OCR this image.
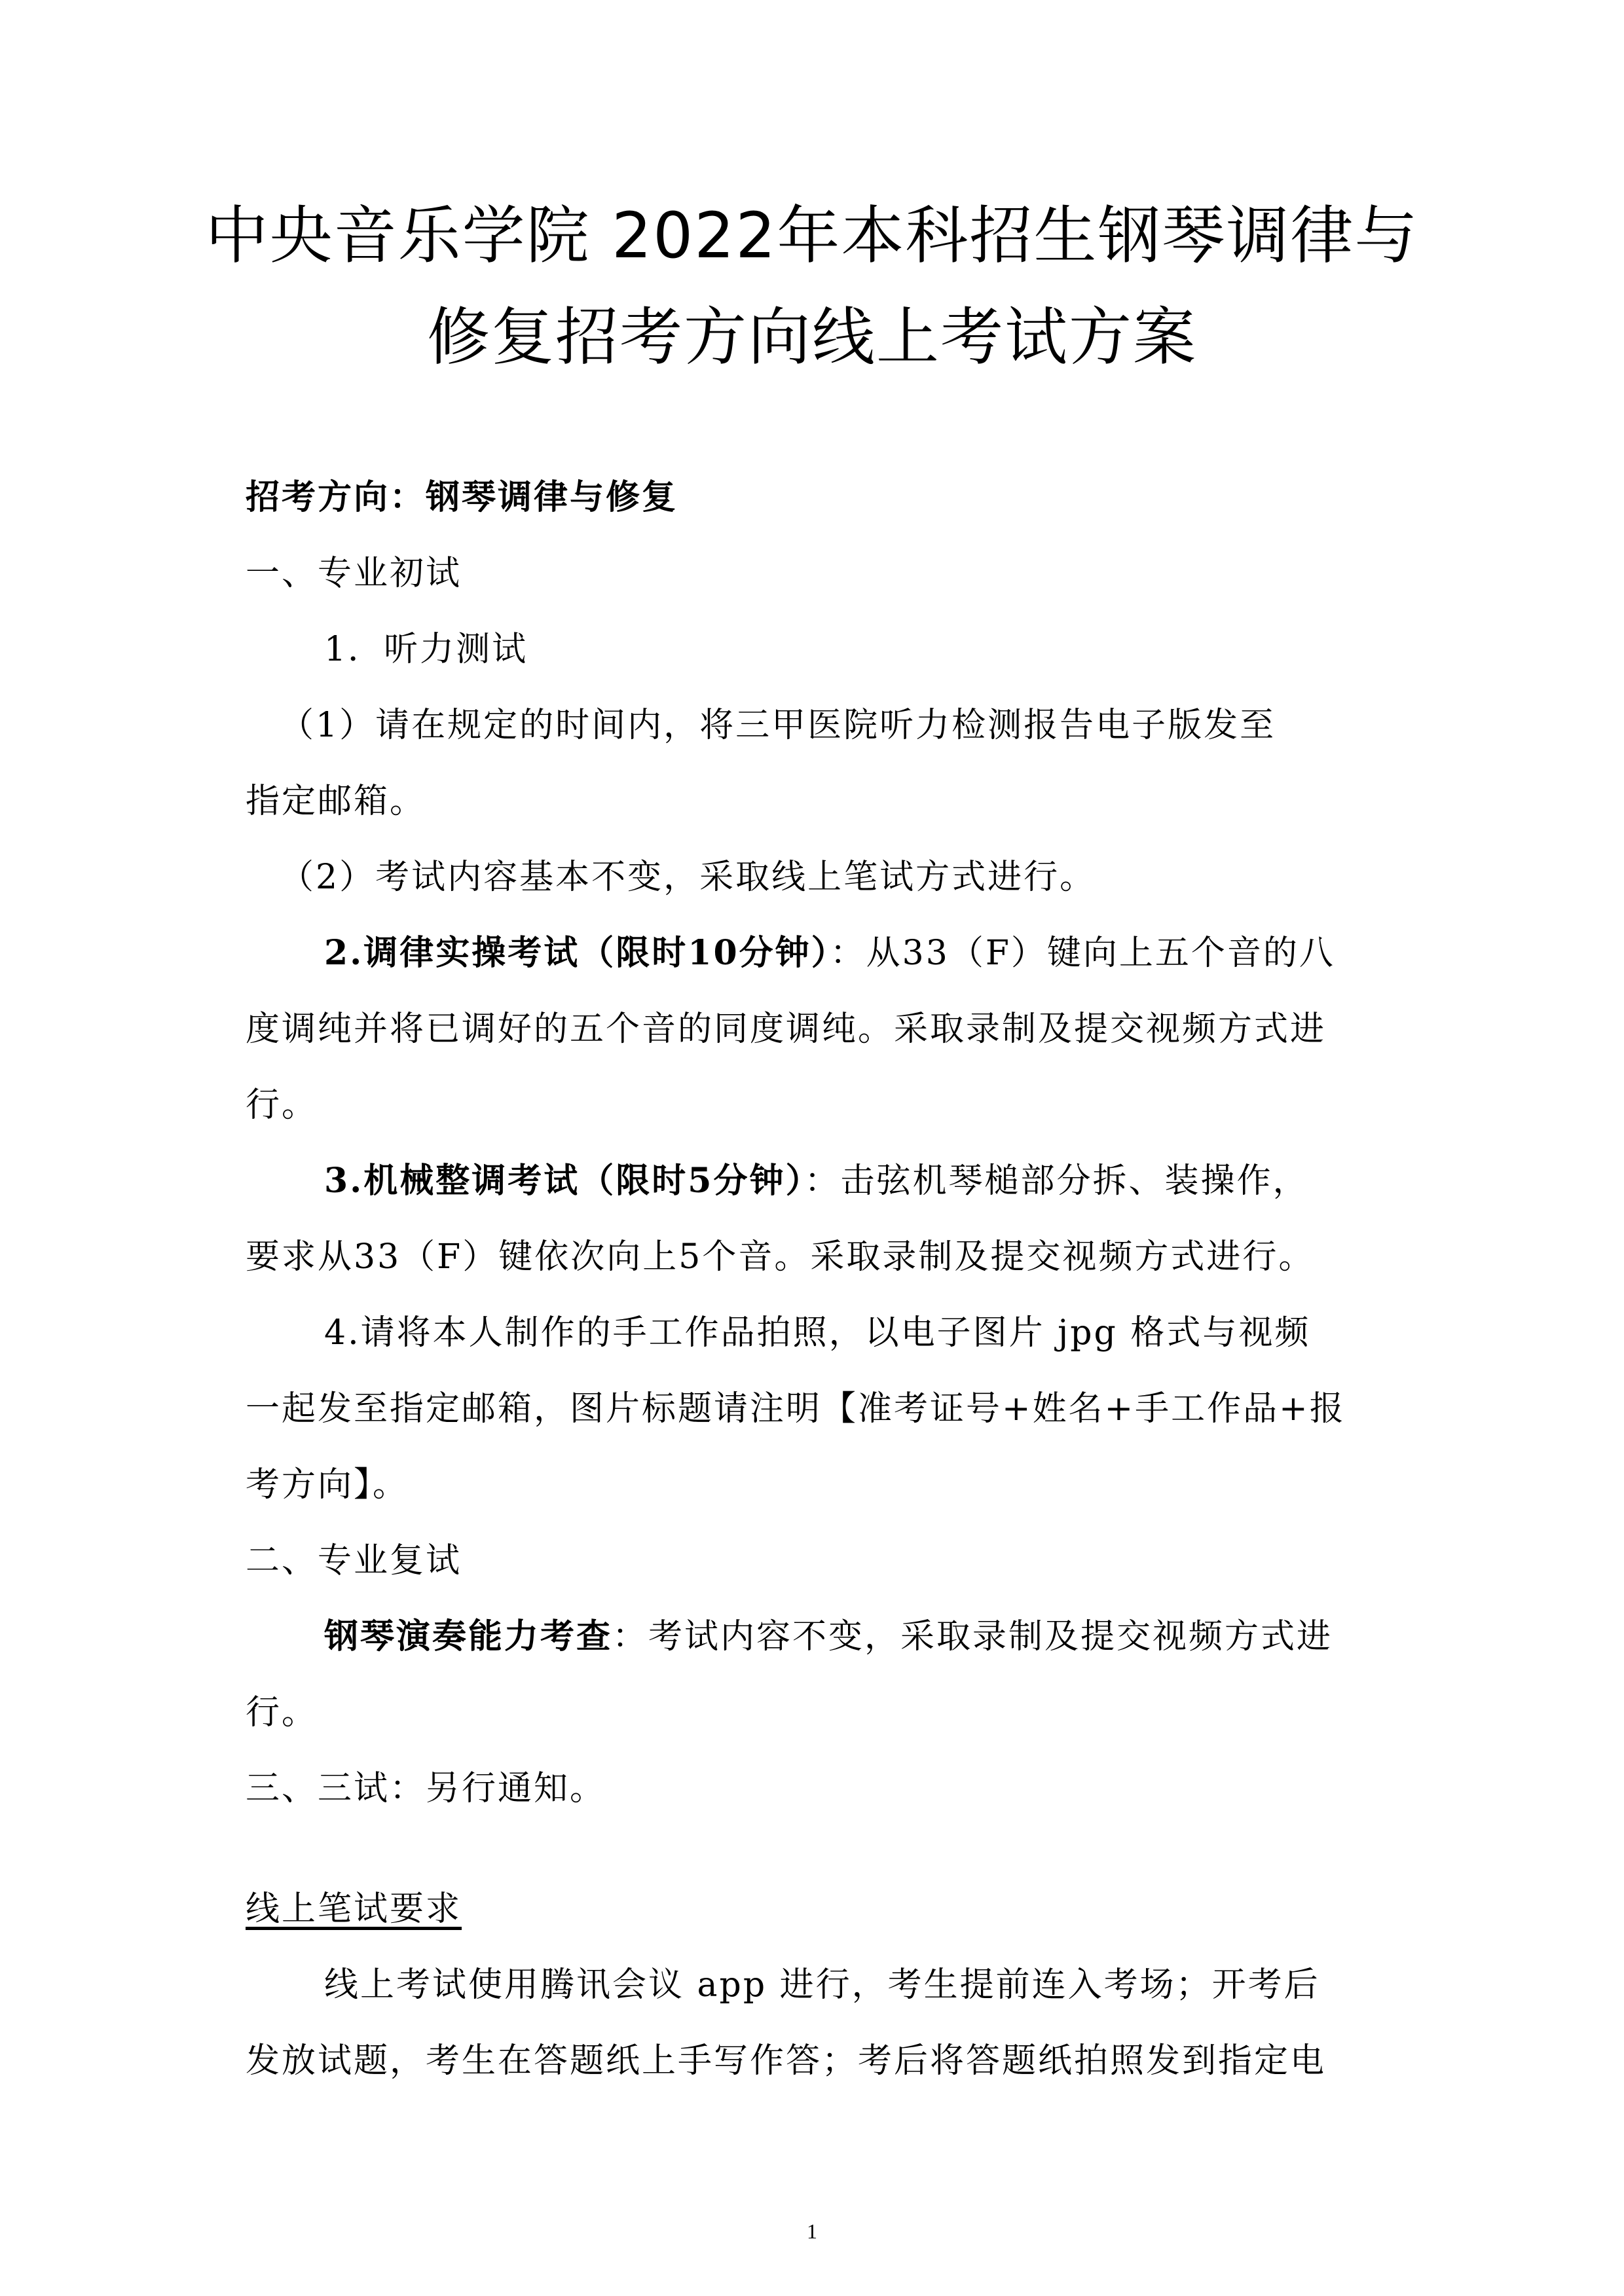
中央音乐学院 2022年本科招生钢琴调律与
修复招考方向线上考试方案
招考方向：钢琴调律与修复
一、专业初试
1．听力测试
（1）请在规定的时间内，将三甲医院听力检测报告电子版发至
指定邮箱。
（2）考试内容基本不变，采取线上笔试方式进行。
2.调律实操考试（限时10分钟）：从33（F）键向上五个音的八
度调纯并将已调好的五个音的同度调纯。采取录制及提交视频方式进
行。
3.机械整调考试（限时5分钟）：击弦机琴槌部分拆、装操作，
要求从33（F）键依次向上5个音。采取录制及提交视频方式进行。
4.请将本人制作的手工作品拍照，以电子图片 jpg 格式与视频
一起发至指定邮箱，图片标题请注明【准考证号+姓名+手工作品+报
考方向】。
二、专业复试
钢琴演奏能力考查：考试内容不变，采取录制及提交视频方式进
行。
三、三试：另行通知。
线上笔试要求
线上考试使用腾讯会议 app 进行，考生提前连入考场；开考后
发放试题，考生在答题纸上手写作答；考后将答题纸拍照发到指定电
1
